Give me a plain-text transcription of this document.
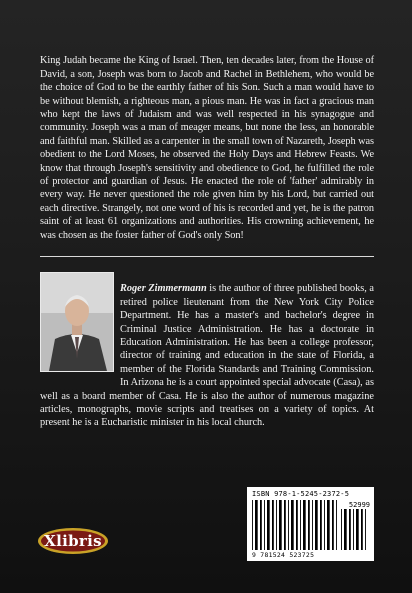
King Judah became the King of Israel. Then, ten decades later, from the House of David, a son, Joseph was born to Jacob and Rachel in Bethlehem, who would be the choice of God to be the earthly father of his Son. Such a man would have to be without blemish, a righteous man, a pious man. He was in fact a gracious man who kept the laws of Judaism and was well respected in his synagogue and community. Joseph was a man of meager means, but none the less, an honorable and faithful man. Skilled as a carpenter in the small town of Nazareth, Joseph was obedient to the Lord Moses, he observed the Holy Days and Hebrew Feasts. We know that through Joseph's sensitivity and obedience to God, he fulfilled the role of protector and guardian of Jesus. He enacted the role of 'father' admirably in every way. He never questioned the role given him by his Lord, but carried out each directive. Strangely, not one word of his is recorded and yet, he is the patron saint of at least 61 organizations and authorities. His crowning achievement, he was chosen as the foster father of God's only Son!

Roger Zimmermann is the author of three published books, a retired police lieutenant from the New York City Police Department. He has a master's and bachelor's degree in Criminal Justice Administration. He has a doctorate in Education Administration. He has been a college professor, director of training and education in the state of Florida, a member of the Florida Standards and Training Commission. In Arizona he is a court appointed special advocate (Casa), as well as a board member of Casa. He is also the author of numerous magazine articles, monographs, movie scripts and treatises on a variety of topics. At present he is a Eucharistic minister in his local church.

Xlibris
ISBN 978-1-5245-2372-5
52999
9 781524 523725
